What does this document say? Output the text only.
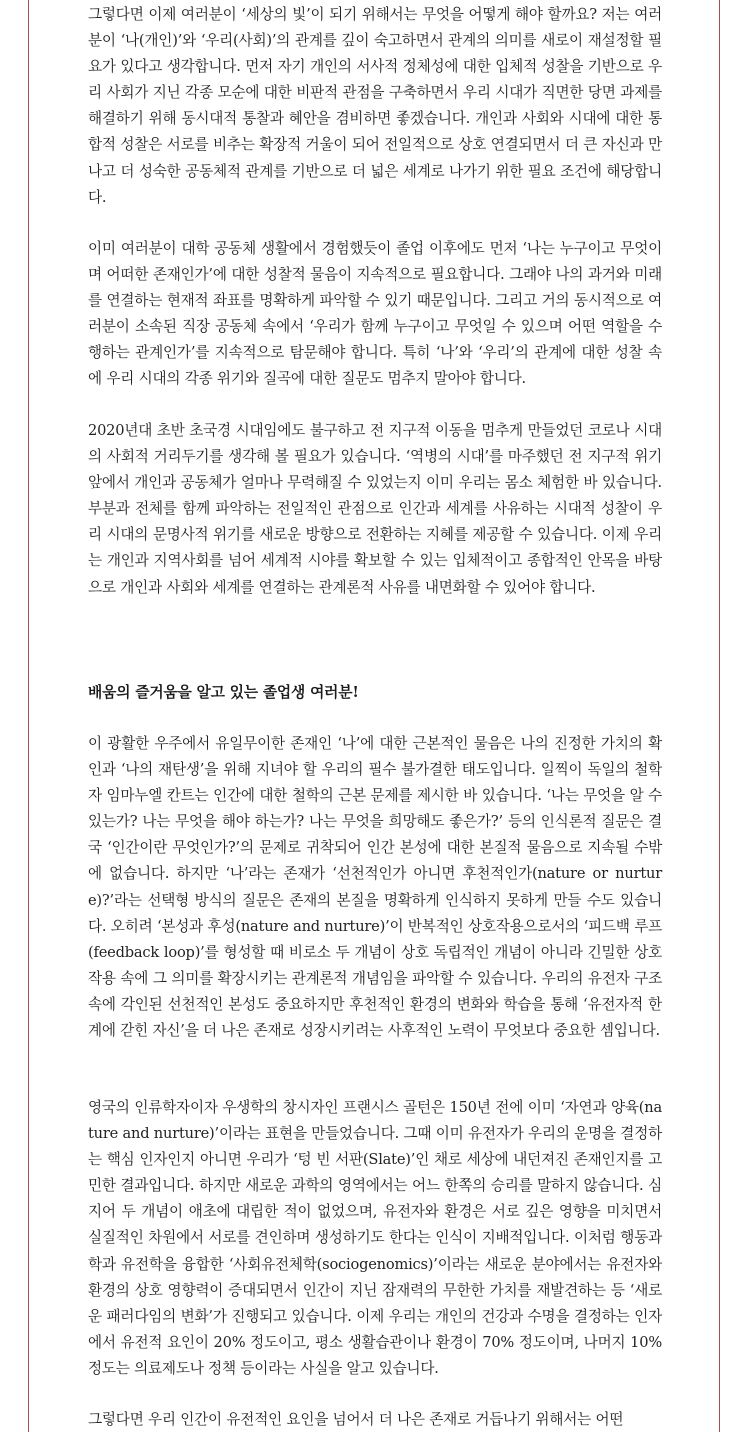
그렇다면 이제 여러분이 ‘세상의 빛’이 되기 위해서는 무엇을 어떻게 해야 할까요? 저는 여러분이 ‘나(개인)’와 ‘우리(사회)’의 관계를 깊이 숙고하면서 관계의 의미를 새로이 재설정할 필요가 있다고 생각합니다. 먼저 자기 개인의 서사적 정체성에 대한 입체적 성찰을 기반으로 우리 사회가 지닌 각종 모순에 대한 비판적 관점을 구축하면서 우리 시대가 직면한 당면 과제를 해결하기 위해 동시대적 통찰과 혜안을 겸비하면 좋겠습니다. 개인과 사회와 시대에 대한 통합적 성찰은 서로를 비추는 확장적 거울이 되어 전일적으로 상호 연결되면서 더 큰 자신과 만나고 더 성숙한 공동체적 관계를 기반으로 더 넓은 세계로 나가기 위한 필요 조건에 해당합니다.

이미 여러분이 대학 공동체 생활에서 경험했듯이 졸업 이후에도 먼저 ‘나는 누구이고 무엇이며 어떠한 존재인가’에 대한 성찰적 물음이 지속적으로 필요합니다. 그래야 나의 과거와 미래를 연결하는 현재적 좌표를 명확하게 파악할 수 있기 때문입니다. 그리고 거의 동시적으로 여러분이 소속된 직장 공동체 속에서 ‘우리가 함께 누구이고 무엇일 수 있으며 어떤 역할을 수행하는 관계인가’를 지속적으로 탐문해야 합니다. 특히 ‘나’와 ‘우리’의 관계에 대한 성찰 속에 우리 시대의 각종 위기와 질곡에 대한 질문도 멈추지 말아야 합니다.

2020년대 초반 초국경 시대임에도 불구하고 전 지구적 이동을 멈추게 만들었던 코로나 시대의 사회적 거리두기를 생각해 볼 필요가 있습니다. ‘역병의 시대’를 마주했던 전 지구적 위기 앞에서 개인과 공동체가 얼마나 무력해질 수 있었는지 이미 우리는 몸소 체험한 바 있습니다. 부분과 전체를 함께 파악하는 전일적인 관점으로 인간과 세계를 사유하는 시대적 성찰이 우리 시대의 문명사적 위기를 새로운 방향으로 전환하는 지혜를 제공할 수 있습니다. 이제 우리는 개인과 지역사회를 넘어 세계적 시야를 확보할 수 있는 입체적이고 종합적인 안목을 바탕으로 개인과 사회와 세계를 연결하는 관계론적 사유를 내면화할 수 있어야 합니다.

배움의 즐거움을 알고 있는 졸업생 여러분!

이 광활한 우주에서 유일무이한 존재인 ‘나’에 대한 근본적인 물음은 나의 진정한 가치의 확인과 ‘나의 재탄생’을 위해 지녀야 할 우리의 필수 불가결한 태도입니다. 일찍이 독일의 철학자 임마누엘 칸트는 인간에 대한 철학의 근본 문제를 제시한 바 있습니다. ‘나는 무엇을 알 수 있는가? 나는 무엇을 해야 하는가? 나는 무엇을 희망해도 좋은가?’ 등의 인식론적 질문은 결국 ‘인간이란 무엇인가?’의 문제로 귀착되어 인간 본성에 대한 본질적 물음으로 지속될 수밖에 없습니다. 하지만 ‘나’라는 존재가 ‘선천적인가 아니면 후천적인가(nature or nurture)?’라는 선택형 방식의 질문은 존재의 본질을 명확하게 인식하지 못하게 만들 수도 있습니다. 오히려 ‘본성과 후성(nature and nurture)’이 반복적인 상호작용으로서의 ‘피드백 루프(feedback loop)’를 형성할 때 비로소 두 개념이 상호 독립적인 개념이 아니라 긴밀한 상호작용 속에 그 의미를 확장시키는 관계론적 개념임을 파악할 수 있습니다. 우리의 유전자 구조 속에 각인된 선천적인 본성도 중요하지만 후천적인 환경의 변화와 학습을 통해 ‘유전자적 한계에 갇힌 자신’을 더 나은 존재로 성장시키려는 사후적인 노력이 무엇보다 중요한 셈입니다.

영국의 인류학자이자 우생학의 창시자인 프랜시스 골턴은 150년 전에 이미 ‘자연과 양육(nature and nurture)’이라는 표현을 만들었습니다. 그때 이미 유전자가 우리의 운명을 결정하는 핵심 인자인지 아니면 우리가 ‘텅 빈 서판(Slate)’인 채로 세상에 내던져진 존재인지를 고민한 결과입니다. 하지만 새로운 과학의 영역에서는 어느 한쪽의 승리를 말하지 않습니다. 심지어 두 개념이 애초에 대립한 적이 없었으며, 유전자와 환경은 서로 깊은 영향을 미치면서 실질적인 차원에서 서로를 견인하며 생성하기도 한다는 인식이 지배적입니다. 이처럼 행동과학과 유전학을 융합한 ‘사회유전체학(sociogenomics)’이라는 새로운 분야에서는 유전자와 환경의 상호 영향력이 증대되면서 인간이 지닌 잠재력의 무한한 가치를 재발견하는 등 ‘새로운 패러다임의 변화’가 진행되고 있습니다. 이제 우리는 개인의 건강과 수명을 결정하는 인자에서 유전적 요인이 20% 정도이고, 평소 생활습관이나 환경이 70% 정도이며, 나머지 10% 정도는 의료제도나 정책 등이라는 사실을 알고 있습니다.

그렇다면 우리 인간이 유전적인 요인을 넘어서 더 나은 존재로 거듭나기 위해서는 어떤
